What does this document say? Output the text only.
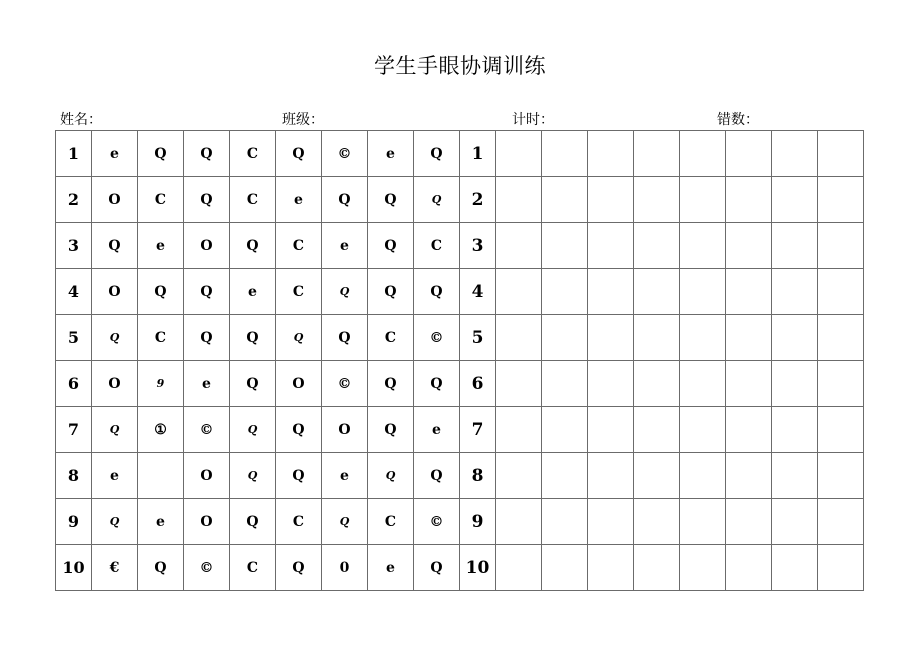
学生手眼协调训练
姓名：	班级：	计时：	错数：
1	e	Q	Q	C	Q	©	e	Q	1								
2	O	C	Q	C	e	Q	Q	Q	2								
3	Q	e	O	Q	C	e	Q	C	3								
4	O	Q	Q	e	C	Q	Q	Q	4								
5	Q	C	Q	Q	Q	Q	C	©	5								
6	O	9	e	Q	O	©	Q	Q	6								
7	Q	①	©	Q	Q	O	Q	e	7								
8	e		O	Q	Q	e	Q	Q	8								
9	Q	e	O	Q	C	Q	C	©	9								
10	€	Q	©	C	Q	0	e	Q	10								
